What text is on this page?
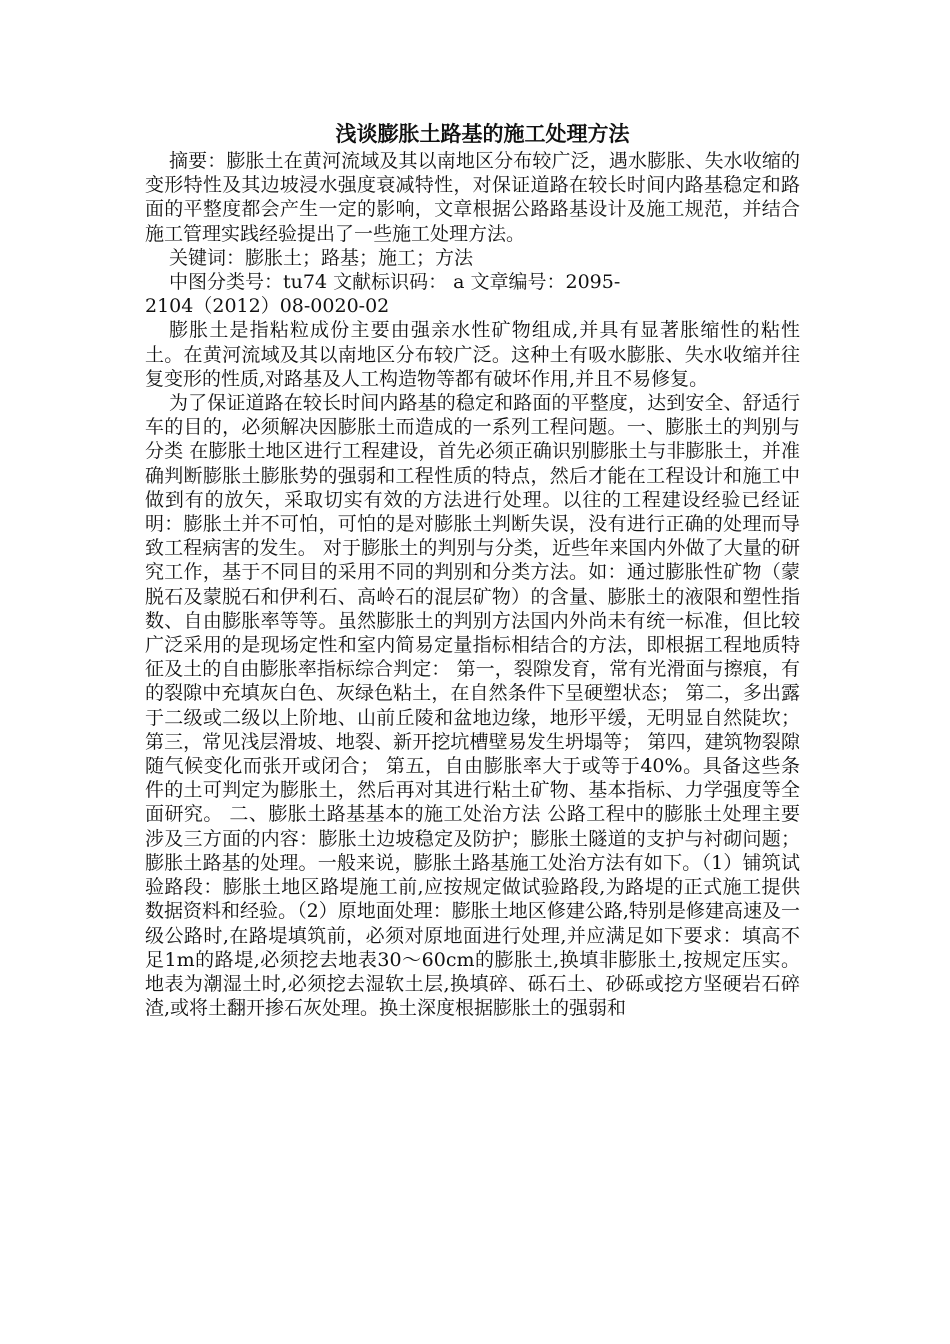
浅谈膨胀土路基的施工处理方法

摘要：膨胀土在黄河流域及其以南地区分布较广泛，遇水膨胀、失水收缩的变形特性及其边坡浸水强度衰减特性，对保证道路在较长时间内路基稳定和路面的平整度都会产生一定的影响，文章根据公路路基设计及施工规范，并结合施工管理实践经验提出了一些施工处理方法。

关键词：膨胀土；路基；施工；方法

中图分类号：tu74 文献标识码： a 文章编号：2095-

2104（2012）08-0020-02

膨胀土是指粘粒成份主要由强亲水性矿物组成,并具有显著胀缩性的粘性土。在黄河流域及其以南地区分布较广泛。这种土有吸水膨胀、失水收缩并往复变形的性质,对路基及人工构造物等都有破坏作用,并且不易修复。

为了保证道路在较长时间内路基的稳定和路面的平整度，达到安全、舒适行车的目的，必须解决因膨胀土而造成的一系列工程问题。一、膨胀土的判别与分类 在膨胀土地区进行工程建设，首先必须正确识别膨胀土与非膨胀土，并准确判断膨胀土膨胀势的强弱和工程性质的特点，然后才能在工程设计和施工中做到有的放矢，采取切实有效的方法进行处理。以往的工程建设经验已经证明：膨胀土并不可怕，可怕的是对膨胀土判断失误，没有进行正确的处理而导致工程病害的发生。 对于膨胀土的判别与分类，近些年来国内外做了大量的研究工作，基于不同目的采用不同的判别和分类方法。如：通过膨胀性矿物（蒙脱石及蒙脱石和伊利石、高岭石的混层矿物）的含量、膨胀土的液限和塑性指数、自由膨胀率等等。虽然膨胀土的判别方法国内外尚未有统一标准，但比较广泛采用的是现场定性和室内简易定量指标相结合的方法，即根据工程地质特征及土的自由膨胀率指标综合判定： 第一，裂隙发育，常有光滑面与擦痕，有的裂隙中充填灰白色、灰绿色粘土，在自然条件下呈硬塑状态； 第二，多出露于二级或二级以上阶地、山前丘陵和盆地边缘，地形平缓，无明显自然陡坎； 第三，常见浅层滑坡、地裂、新开挖坑槽壁易发生坍塌等； 第四，建筑物裂隙随气候变化而张开或闭合； 第五，自由膨胀率大于或等于40%。具备这些条件的土可判定为膨胀土，然后再对其进行粘土矿物、基本指标、力学强度等全面研究。 二、膨胀土路基基本的施工处治方法 公路工程中的膨胀土处理主要涉及三方面的内容：膨胀土边坡稳定及防护；膨胀土隧道的支护与衬砌问题；膨胀土路基的处理。一般来说，膨胀土路基施工处治方法有如下。（1）铺筑试验路段：膨胀土地区路堤施工前,应按规定做试验路段,为路堤的正式施工提供数据资料和经验。（2）原地面处理：膨胀土地区修建公路,特别是修建高速及一级公路时,在路堤填筑前，必须对原地面进行处理,并应满足如下要求：填高不足1m的路堤,必须挖去地表30～60cm的膨胀土,换填非膨胀土,按规定压实。地表为潮湿土时,必须挖去湿软土层,换填碎、砾石土、砂砾或挖方坚硬岩石碎渣,或将土翻开掺石灰处理。换土深度根据膨胀土的强弱和
